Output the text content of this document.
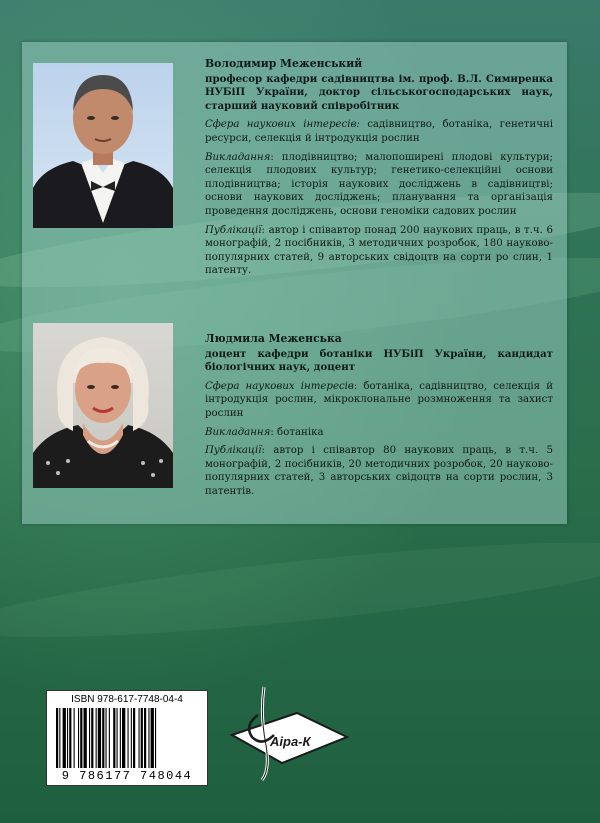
Володимир Меженський

професор кафедри садівництва ім. проф. В.Л. Симиренка НУБіП України, доктор сільськогосподарських наук, старший науковий співробітник

Сфера наукових інтересів: садівництво, ботаніка, генетичні ресурси, селекція й інтродукція рослин

Викладання: плодівництво; малопоширені плодові культури; селекція плодових культур; генетико-селекційні основи плодівництва; історія наукових досліджень в садівництві; основи наукових досліджень; планування та організація проведення досліджень, основи геноміки садових рослин

Публікації: автор і співавтор понад 200 наукових праць, в т.ч. 6 монографій, 2 посібників, 3 методичних розробок, 180 науково-популярних статей, 9 авторських свідоцтв на сорти ро слин, 1 патенту.

Людмила Меженська

доцент кафедри ботаніки НУБіП України, кандидат біологічних наук, доцент

Сфера наукових інтересів: ботаніка, садівництво, селекція й інтродукція рослин, мікроклональне розмноження та захист рослин

Викладання: ботаніка

Публікації: автор і співавтор 80 наукових праць, в т.ч. 5 монографій, 2 посібників, 20 методичних розробок, 20 науково-популярних статей, 3 авторських свідоцтв на сорти рослин, 3 патентів.

ISBN 978-617-7748-04-4
9 786177 748044
Аіра-К
